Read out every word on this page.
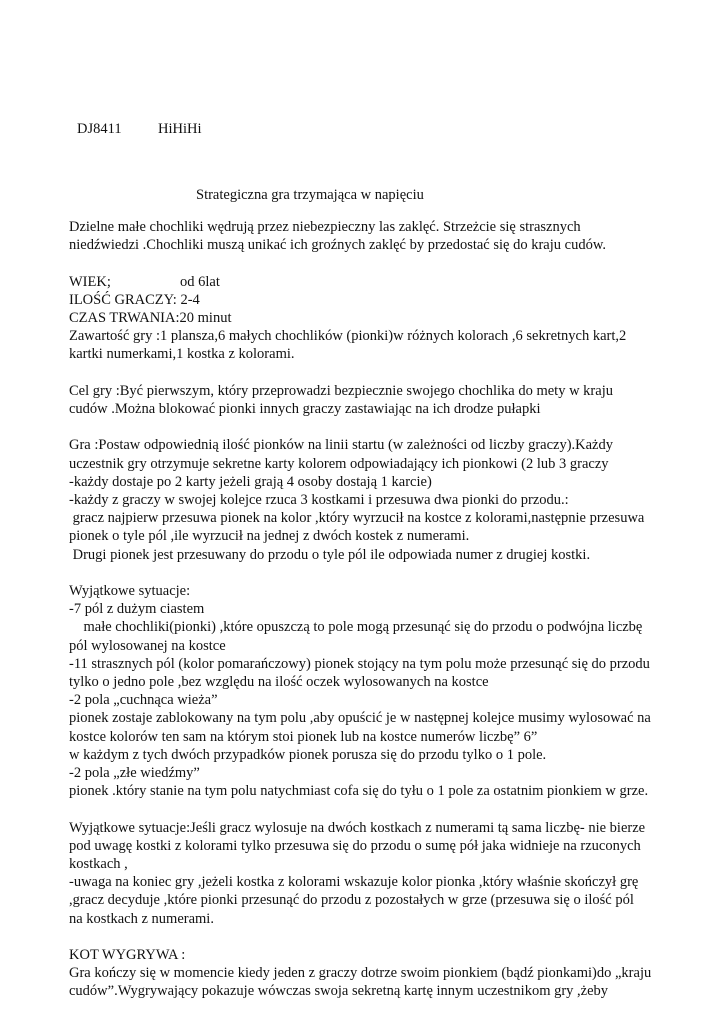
DJ8411	HiHiHi
Strategiczna gra trzymająca w napięciu

Dzielne małe chochliki wędrują przez niebezpieczny las zaklęć. Strzeżcie się strasznych

niedźwiedzi .Chochliki muszą unikać ich groźnych zaklęć by przedostać się do kraju cudów.

WIEK;	od 6lat

ILOŚĆ GRACZY: 2-4

CZAS TRWANIA:20 minut

Zawartość gry :1 plansza,6 małych chochlików (pionki)w różnych kolorach ,6 sekretnych kart,2

kartki numerkami,1 kostka z kolorami.

Cel gry :Być pierwszym, który przeprowadzi bezpiecznie swojego chochlika do mety w kraju

cudów .Można blokować pionki innych graczy zastawiając na ich drodze pułapki

Gra :Postaw odpowiednią ilość pionków na linii startu (w zależności od liczby graczy).Każdy

uczestnik gry otrzymuje sekretne karty kolorem odpowiadający ich pionkowi (2 lub 3 graczy

-każdy dostaje po 2 karty jeżeli grają 4 osoby dostają 1 karcie)

-każdy z graczy w swojej kolejce rzuca 3 kostkami i przesuwa dwa pionki do przodu.:

gracz najpierw przesuwa pionek na kolor ,który wyrzucił na kostce z kolorami,następnie przesuwa

pionek o tyle pól ,ile wyrzucił na jednej z dwóch kostek z numerami.

Drugi pionek jest przesuwany do przodu o tyle pól ile odpowiada numer z drugiej kostki.

Wyjątkowe sytuacje:

-7 pól z dużym ciastem

małe chochliki(pionki) ,które opuszczą to pole mogą przesunąć się do przodu o podwójna liczbę

pól wylosowanej na kostce

-11 strasznych pól (kolor pomarańczowy) pionek stojący na tym polu może przesunąć się do przodu

tylko o jedno pole ,bez względu na ilość oczek wylosowanych na kostce

-2 pola „cuchnąca wieża”

pionek zostaje zablokowany na tym polu ,aby opuścić je w następnej kolejce musimy wylosować na

kostce kolorów ten sam na którym stoi pionek lub na kostce numerów liczbę” 6”

w każdym z tych dwóch przypadków pionek porusza się do przodu tylko o 1 pole.

-2 pola „złe wiedźmy”

pionek .który stanie na tym polu natychmiast cofa się do tyłu o 1 pole za ostatnim pionkiem w grze.

Wyjątkowe sytuacje:Jeśli gracz wylosuje na dwóch kostkach z numerami tą sama liczbę- nie bierze

pod uwagę kostki z kolorami tylko przesuwa się do przodu o sumę pół jaka widnieje na rzuconych

kostkach ,

-uwaga na koniec gry ,jeżeli kostka z kolorami wskazuje kolor pionka ,który właśnie skończył grę

,gracz decyduje ,które pionki przesunąć do przodu z pozostałych w grze (przesuwa się o ilość pól

na kostkach z numerami.

KOT WYGRYWA :

Gra kończy się w momencie kiedy jeden z graczy dotrze swoim pionkiem (bądź pionkami)do „kraju

cudów”.Wygrywający pokazuje wówczas swoja sekretną kartę innym uczestnikom gry ,żeby
